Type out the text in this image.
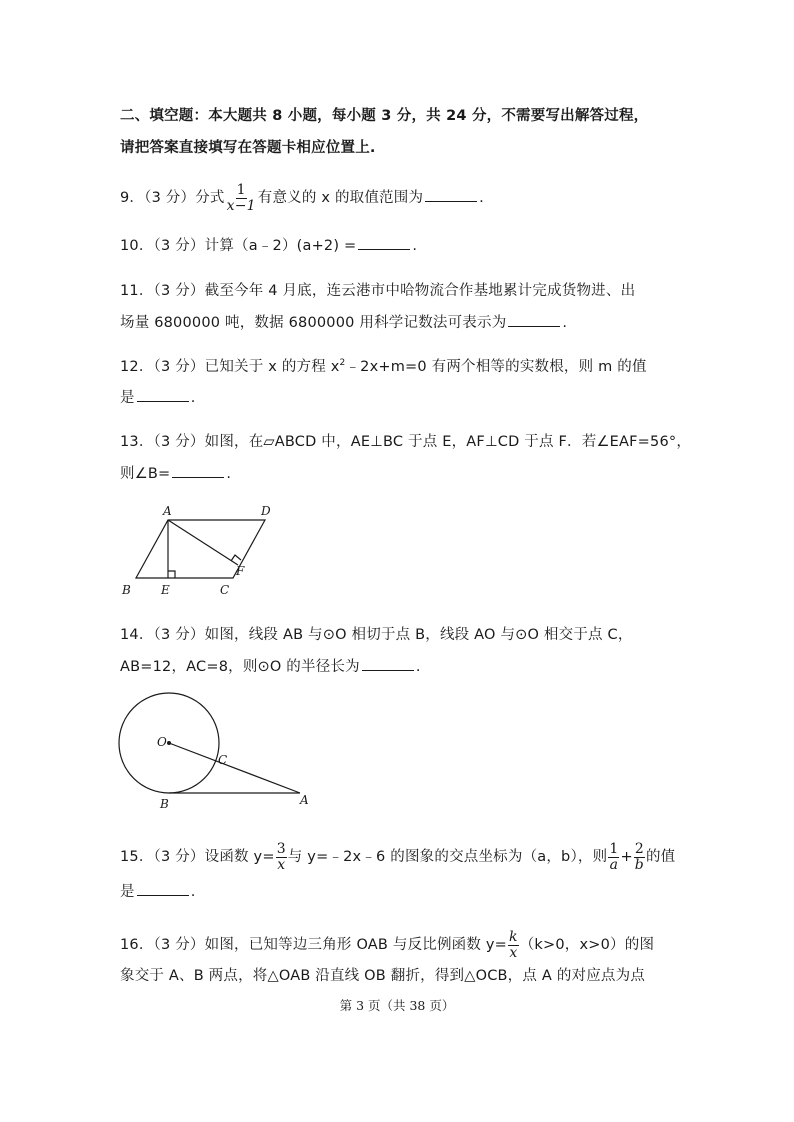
二、填空题：本大题共 8 小题，每小题 3 分，共 24 分，不需要写出解答过程，
请把答案直接填写在答题卡相应位置上.
9．（3 分）分式 $\frac{1}{x-1}$ 有意义的 x 的取值范围为	.
10．（3 分）计算（a﹣2）(a+2) =	.
11．（3 分）截至今年 4 月底，连云港市中哈物流合作基地累计完成货物进、出
场量 6800000 吨，数据 6800000 用科学记数法可表示为	.
12．（3 分）已知关于 x 的方程 $x^2﹣2x+m=0$ 有两个相等的实数根，则 m 的值
是	.
13．（3 分）如图，在▱ABCD 中，AE⊥BC 于点 E，AF⊥CD 于点 F．若∠EAF=56°，
则∠B=	.
A	D
B	E	C
F
14．（3 分）如图，线段 AB 与⊙O 相切于点 B，线段 AO 与⊙O 相交于点 C，
AB=12，AC=8，则⊙O 的半径长为	.
O
C
B	A
15．（3 分）设函数 $y= \frac{3}{x}$ 与 y=﹣2x﹣6 的图象的交点坐标为（a，b），则 $\frac{1}{a} + \frac{2}{b}$ 的值
是	.
16．（3 分）如图，已知等边三角形 OAB 与反比例函数 $y= \frac{k}{x} (k>0$，x>0）的图
象交于 A、B 两点，将△OAB 沿直线 OB 翻折，得到△OCB，点 A 的对应点为点
第 3 页（共 38 页）
